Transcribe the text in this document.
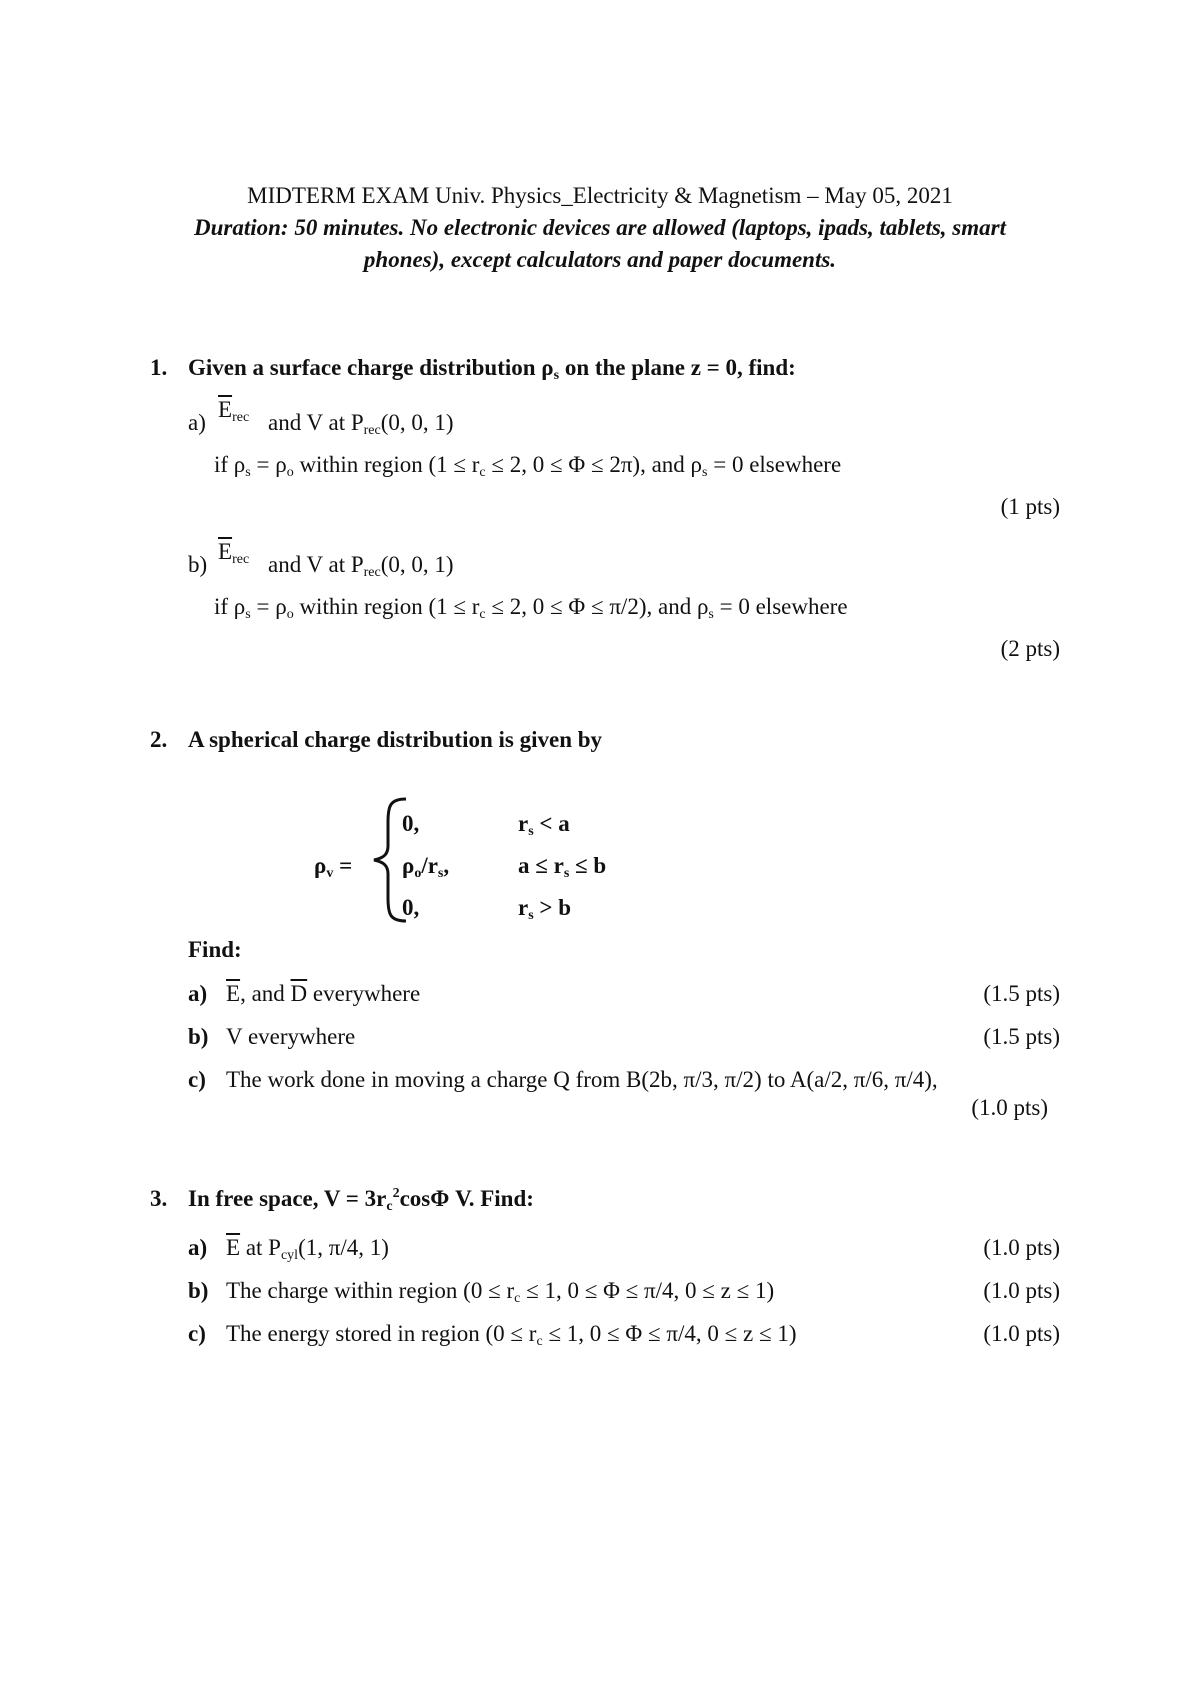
MIDTERM EXAM Univ. Physics_Electricity & Magnetism – May 05, 2021
Duration: 50 minutes. No electronic devices are allowed (laptops, ipads, tablets, smart
phones), except calculators and paper documents.
1. Given a surface charge distribution $\rho_s$ on the plane z = 0, find:
a)
$\overline{E}_{rec}$ and V at $P_{rec}(0$, 0, 1)
if $\rho_s = \rho_o$ within region ($1 \le r_c \le 2$, 0 ≤ Φ ≤ 2π), and $\rho_s = 0$ elsewhere
(1 pts)
b)
$\overline{E}_{rec}$ and V at $P_{rec}(0$, 0, 1)
if $\rho_s = \rho_o$ within region ($1 \le r_c \le 2$, 0 ≤ Φ ≤ π/2), and $\rho_s = 0$ elsewhere
(2 pts)
2. A spherical charge distribution is given by
$\rho_v$ =
0,	$r_s < a$
$\rho_o/r_s$,	$a \le r_s \le b$
0,	$r_s > b$
Find:
a) $\overline{E}$, and $\overline{D}$ everywhere	(1.5 pts)
b) V everywhere	(1.5 pts)
c) The work done in moving a charge Q from B(2b, π/3, π/2) to A(a/2, π/6, π/4),
(1.0 pts)
3. In free space, $V = 3r_c^2\cos\Phi$ V. Find:
a) $\overline{E}$ at $P_{cyl}(1$, π/4, 1)	(1.0 pts)
b) The charge within region ($0 \le r_c \le 1$, 0 ≤ Φ ≤ π/4, 0 ≤ z ≤ 1)	(1.0 pts)
c) The energy stored in region ($0 \le r_c \le 1$, 0 ≤ Φ ≤ π/4, 0 ≤ z ≤ 1)	(1.0 pts)
